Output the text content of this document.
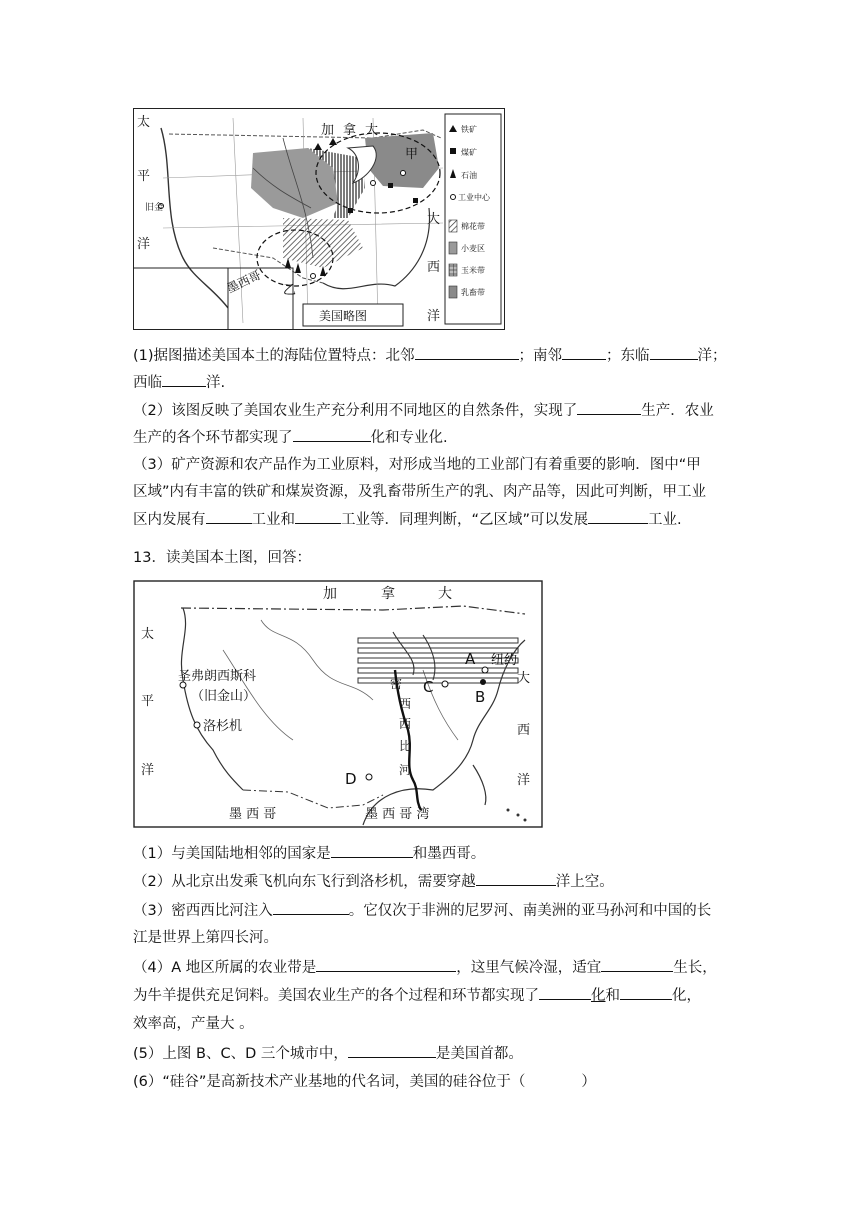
加拿大
太
平
洋
大
西
洋
甲
乙
墨西哥
旧金
美国略图
铁矿
煤矿
石油
工业中心
棉花带
小麦区
玉米带
乳畜带
(1)据图描述美国本土的海陆位置特点：北邻	；南邻	；东临	洋；
西临	洋.
（2）该图反映了美国农业生产充分利用不同地区的自然条件，实现了	生产．农业
生产的各个环节都实现了	化和专业化.
（3）矿产资源和农产品作为工业原料，对形成当地的工业部门有着重要的影响．图中“甲
区域”内有丰富的铁矿和煤炭资源，及乳畜带所生产的乳、肉产品等，因此可判断，甲工业
区内发展有	工业和	工业等．同理判断，“乙区域”可以发展	工业.
13．读美国本土图，回答：
加	拿	大
太
平
洋
大
西
洋
圣弗朗西斯科
（旧金山）
洛杉机
纽约
密
西
西
比
河
墨 西 哥	墨 西 哥 湾
A
B
C
D
（1）与美国陆地相邻的国家是	和墨西哥。
（2）从北京出发乘飞机向东飞行到洛杉机，需要穿越	洋上空。
（3）密西西比河注入	。它仅次于非洲的尼罗河、南美洲的亚马孙河和中国的长
江是世界上第四长河。
（4）A 地区所属的农业带是	，这里气候冷湿，适宜	生长，
为牛羊提供充足饲料。美国农业生产的各个过程和环节都实现了	化和	化，
效率高，产量大 。
(5）上图 B、C、D 三个城市中，	是美国首都。
(6）“硅谷”是高新技术产业基地的代名词，美国的硅谷位于（	）
